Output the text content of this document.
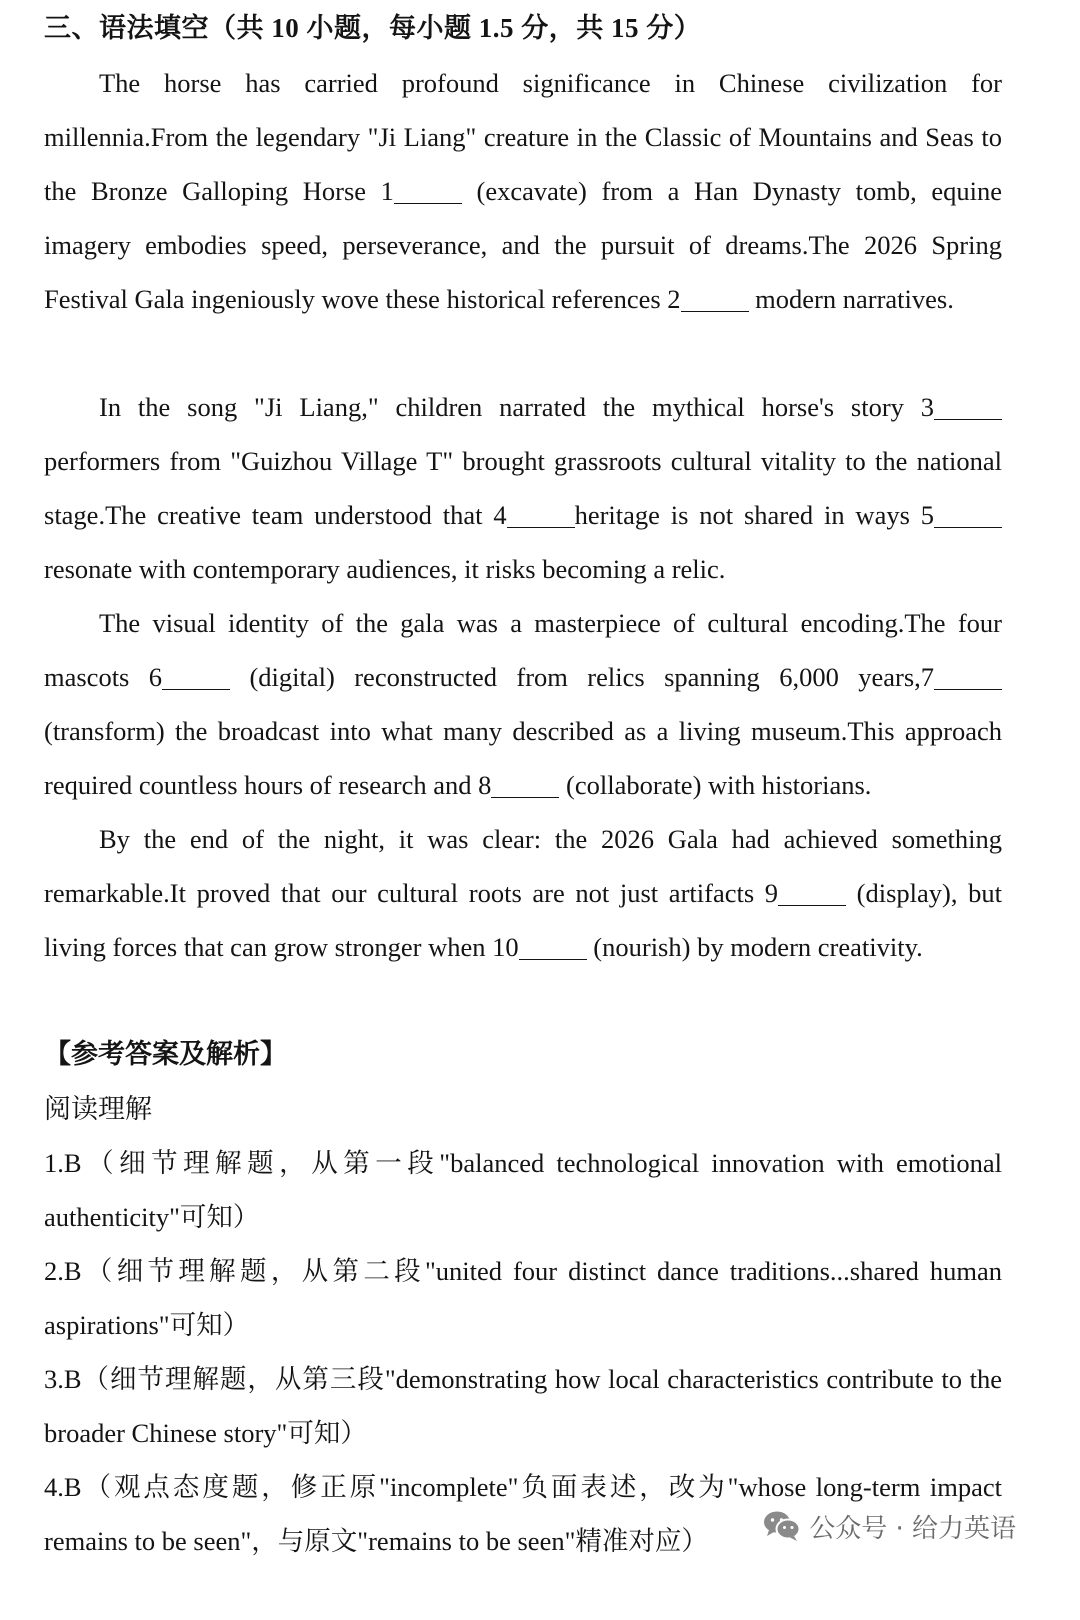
三、语法填空（共 10 小题，每小题 1.5 分，共 15 分）
The horse has carried profound significance in Chinese civilization for millennia.From the legendary "Ji Liang" creature in the Classic of Mountains and Seas to the Bronze Galloping Horse 1	(excavate) from a Han Dynasty tomb, equine imagery embodies speed, perseverance, and the pursuit of dreams.The 2026 Spring Festival Gala ingeniously wove these historical references 2	modern narratives.
In the song "Ji Liang," children narrated the mythical horse's story 3 performers from "Guizhou Village T" brought grassroots cultural vitality to the national stage.The creative team understood that 4	heritage is not shared in ways 5resonate with contemporary audiences, it risks becoming a relic.
The visual identity of the gala was a masterpiece of cultural encoding.The four mascots 6	(digital) reconstructed from relics spanning 6,000 years,7 (transform) the broadcast into what many described as a living museum.This approach required countless hours of research and 8	(collaborate) with historians.
By the end of the night, it was clear: the 2026 Gala had achieved something remarkable.It proved that our cultural roots are not just artifacts 9	(display), but living forces that can grow stronger when 10	(nourish) by modern creativity.
【参考答案及解析】
阅读理解
1.B（细节理解题，从第一段"balanced technological innovation with emotional authenticity"可知）
2.B（细节理解题，从第二段"united four distinct dance traditions...shared human aspirations"可知）
3.B（细节理解题，从第三段"demonstrating how local characteristics contribute to the broader Chinese story"可知）
4.B（观点态度题，修正原"incomplete"负面表述，改为"whose long-term impact remains to be seen"，与原文"remains to be seen"精准对应）	公众号 · 给力英语
